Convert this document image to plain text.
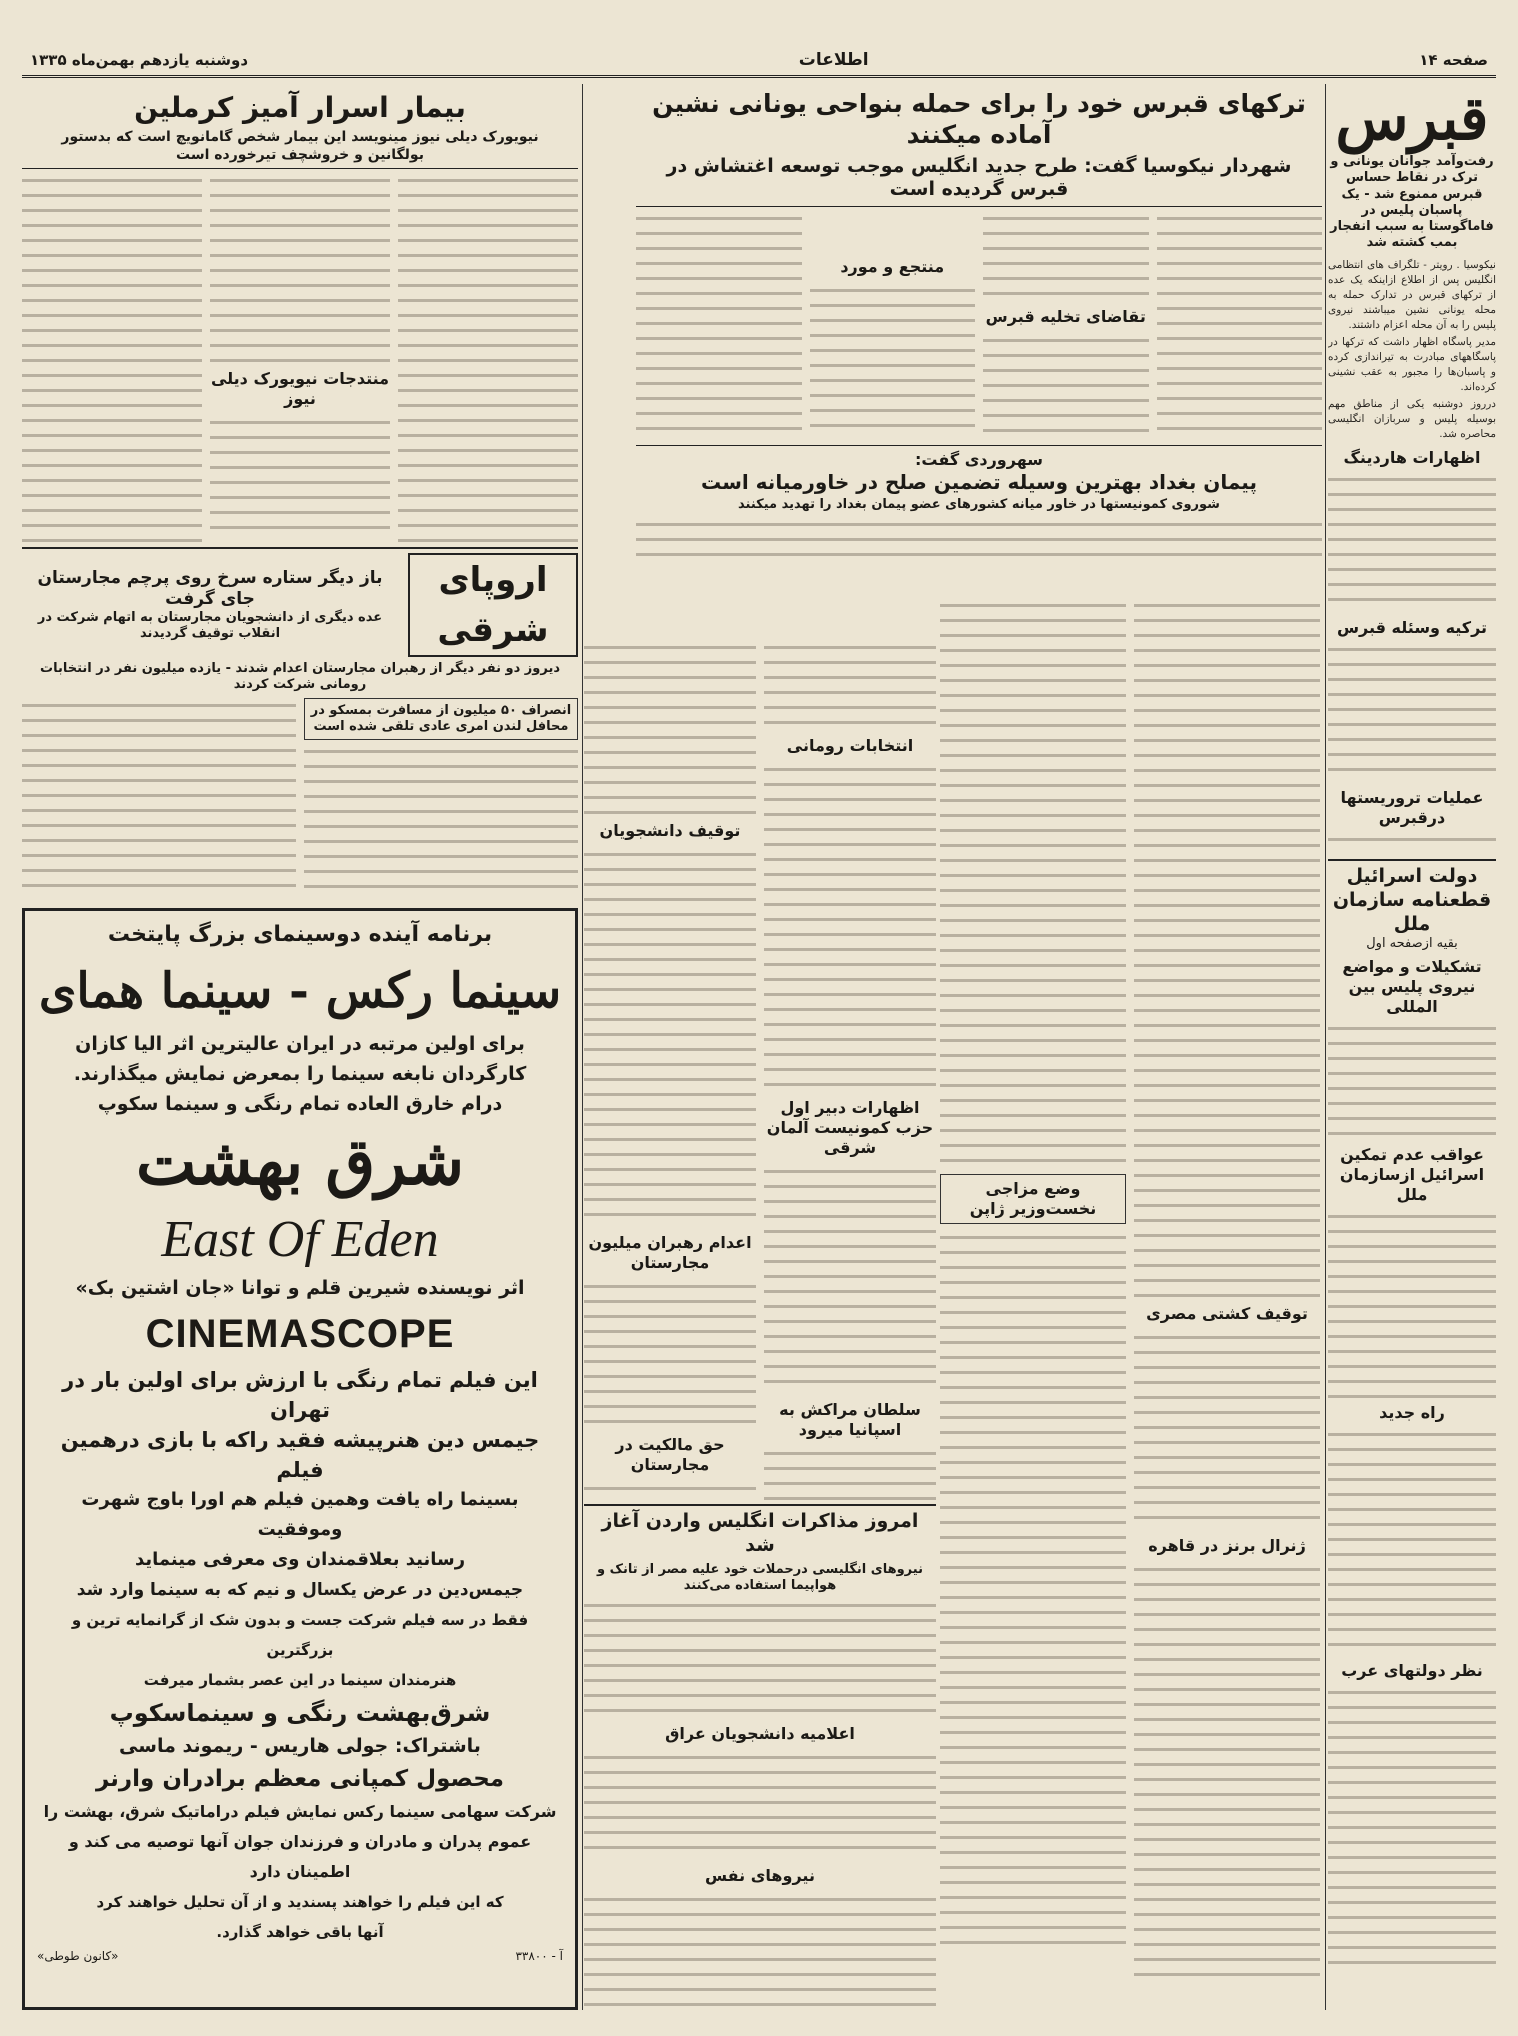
صفحه ۱۴
اطلاعات
دوشنبه یازدهم بهمن‌ماه ۱۳۳۵
قبرس
رفت‌وآمد جوانان یونانی و ترک در نقاط حساس قبرس ممنوع شد - یک پاسبان پلیس در فاماگوستا به سبب انفجار بمب کشته شد

نیکوسیا . رویتر - تلگراف های انتظامی انگلیس پس از اطلاع ازاینکه یک عده از ترکهای قبرس در تدارک حمله به محله یونانی نشین میباشند نیروی پلیس را به آن محله اعزام داشتند.

مدیر پاسگاه اظهار داشت که ترکها در پاسگاههای مبادرت به تیراندازی کرده و پاسبان‌ها را مجبور به عقب نشینی کرده‌اند.

درروز دوشنبه یکی از مناطق مهم بوسیله پلیس و سربازان انگلیسی محاصره شد.

اظهارات هاردینگ
ترکیه وسئله قبرس
عملیات تروریستها درقبرس
دولت اسرائیل قطعنامه سازمان ملل
بقیه ازصفحه اول
تشکیلات و مواضع نیروی پلیس بین المللی
عواقب عدم تمکین اسرائیل ازسازمان ملل
راه جدید
نظر دولتهای عرب
ترکهای قبرس خود را برای حمله بنواحی یونانی نشین آماده میکنند
شهردار نیکوسیا گفت: طرح جدید انگلیس موجب توسعه اغتشاش در قبرس گردیده است
تقاضای تخلیه قبرس
منتجع و مورد
سهروردی گفت:
پیمان بغداد بهترین وسیله تضمین صلح در خاورمیانه است
شوروی کمونیستها در خاور میانه کشورهای عضو پیمان بغداد را تهدید میکنند
بیمار اسرار آمیز کرملین
نیویورک دیلی نیوز مینویسد این بیمار شخص گامانویچ است که بدستور بولگانین و خروشچف تیرخورده است
منتدجات نیویورک دیلی نیوز
اروپای شرقی
باز دیگر ستاره سرخ روی پرچم مجارستان جای گرفت
عده دیگری از دانشجویان مجارستان به اتهام شرکت در انقلاب توقیف گردیدند
دیروز دو نفر دیگر از رهبران مجارستان اعدام شدند - یازده میلیون نفر در انتخابات رومانی شرکت کردند
انصراف ۵۰ میلیون از مسافرت بمسکو در محافل لندن امری عادی تلقی شده است
انتخابات رومانی
اظهارات دبیر اول حزب کمونیست آلمان شرقی
سلطان مراکش به اسپانیا میرود
توقیف دانشجویان
اعدام رهبران میلیون مجارستان
حق مالکیت در مجارستان
امروز مذاکرات انگلیس واردن آغاز شد
نیروهای انگلیسی درحملات خود علیه مصر از تانک و هواپیما استفاده می‌کنند
اعلامیه دانشجویان عراق
نیروهای نفس
توقیف کشتی مصری
ژنرال برنز در قاهره
وضع مزاجی نخست‌وزیر ژاپن
برنامه آینده دوسینمای بزرگ پایتخت
سینما رکس - سینما همای
برای اولین مرتبه در ایران عالیترین اثر الیا کازان
کارگردان نابغه سینما را بمعرض نمایش میگذارند.
درام خارق العاده تمام رنگی و سینما سکوپ
شرق بهشت
East Of Eden
اثر نویسنده شیرین قلم و توانا «جان اشتین بک»
CINEMASCOPE
این فیلم تمام رنگی با ارزش برای اولین بار در تهران
جیمس دین هنرپیشه فقید راکه با بازی درهمین فیلم
بسینما راه یافت وهمین فیلم هم اورا باوج شهرت وموفقیت
رسانید بعلاقمندان وی معرفی مینماید
جیمس‌دین در عرض یکسال و نیم که به سینما وارد شد
فقط در سه فیلم شرکت جست و بدون شک از گرانمایه ترین و بزرگترین
هنرمندان سینما در این عصر بشمار میرفت
شرق‌بهشت رنگی و سینماسکوپ
باشتراک: جولی هاریس - ریموند ماسی
محصول کمپانی معظم برادران وارنر
شرکت سهامی سینما رکس نمایش فیلم دراماتیک شرق، بهشت را
عموم پدران و مادران و فرزندان جوان آنها توصیه می کند و اطمینان دارد
که این فیلم را خواهند پسندید و از آن تحلیل خواهند کرد
آنها باقی خواهد گذارد.
آ - ۳۳۸۰۰
«کانون طوطی»
